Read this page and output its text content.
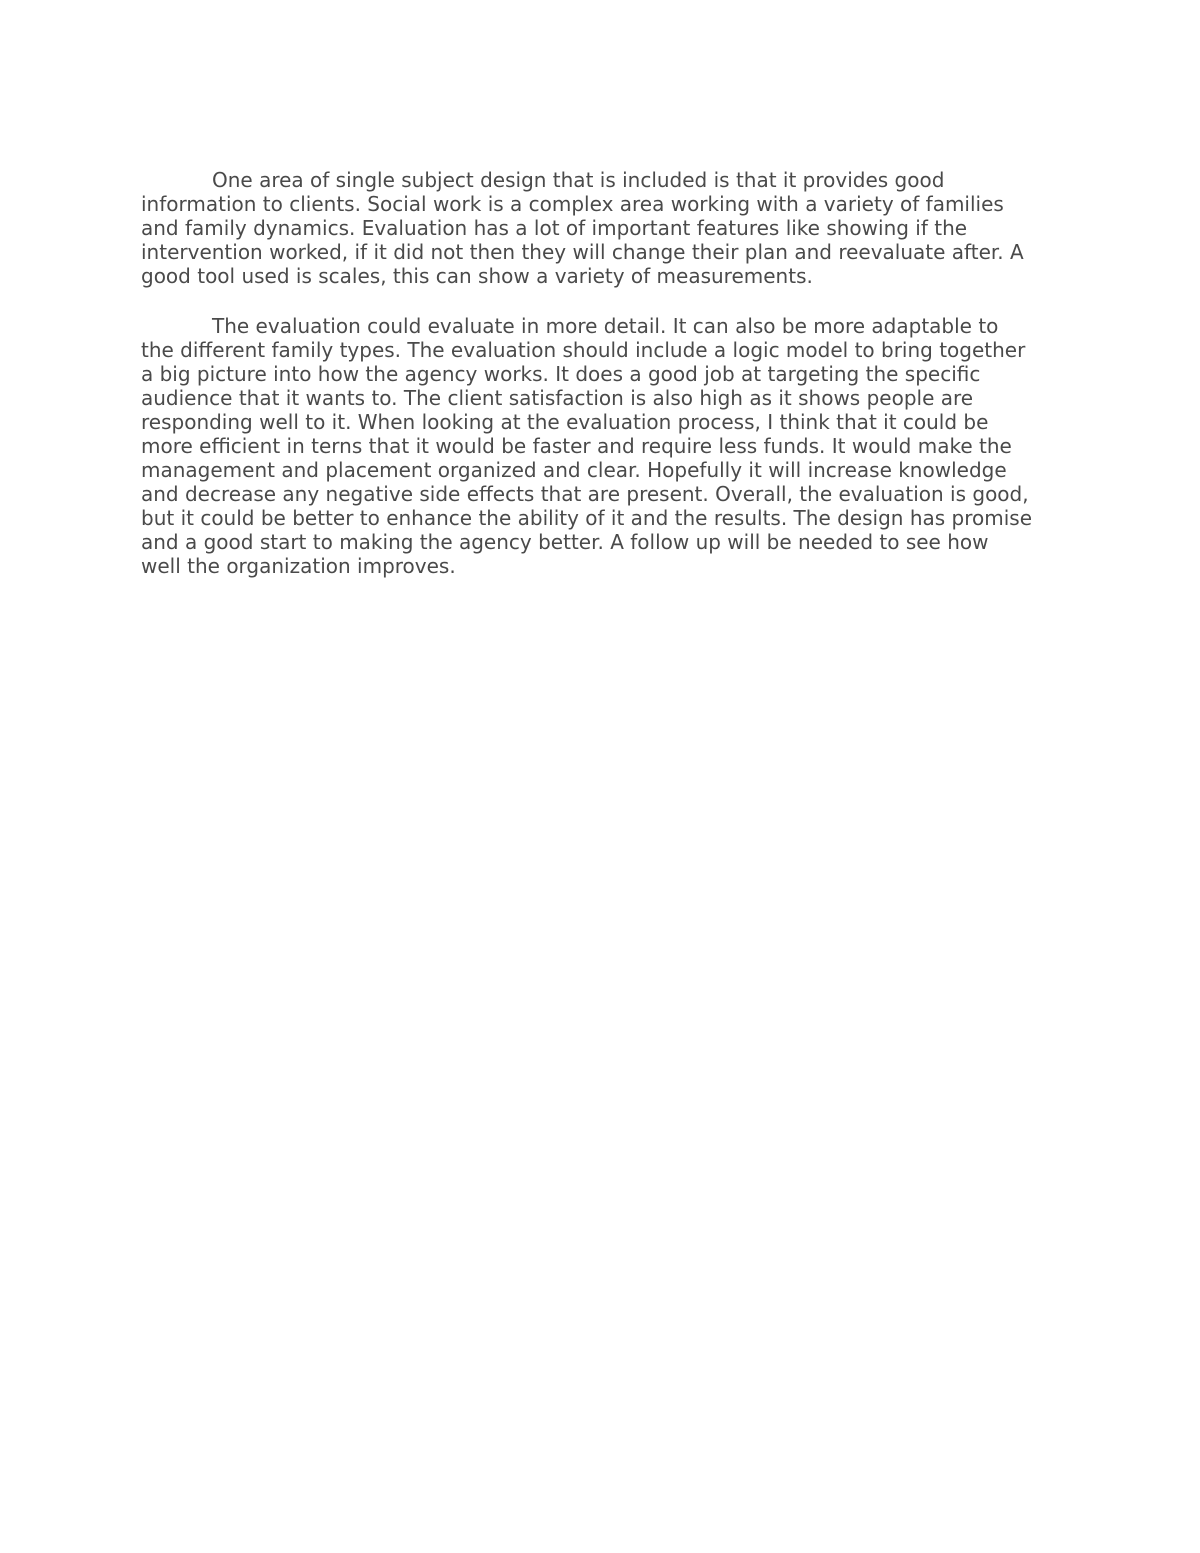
One area of single subject design that is included is that it provides good
information to clients. Social work is a complex area working with a variety of families
and family dynamics. Evaluation has a lot of important features like showing if the
intervention worked, if it did not then they will change their plan and reevaluate after. A
good tool used is scales, this can show a variety of measurements.

The evaluation could evaluate in more detail. It can also be more adaptable to
the different family types. The evaluation should include a logic model to bring together
a big picture into how the agency works. It does a good job at targeting the specific
audience that it wants to. The client satisfaction is also high as it shows people are
responding well to it. When looking at the evaluation process, I think that it could be
more efficient in terns that it would be faster and require less funds. It would make the
management and placement organized and clear. Hopefully it will increase knowledge
and decrease any negative side effects that are present. Overall, the evaluation is good,
but it could be better to enhance the ability of it and the results. The design has promise
and a good start to making the agency better. A follow up will be needed to see how
well the organization improves.
